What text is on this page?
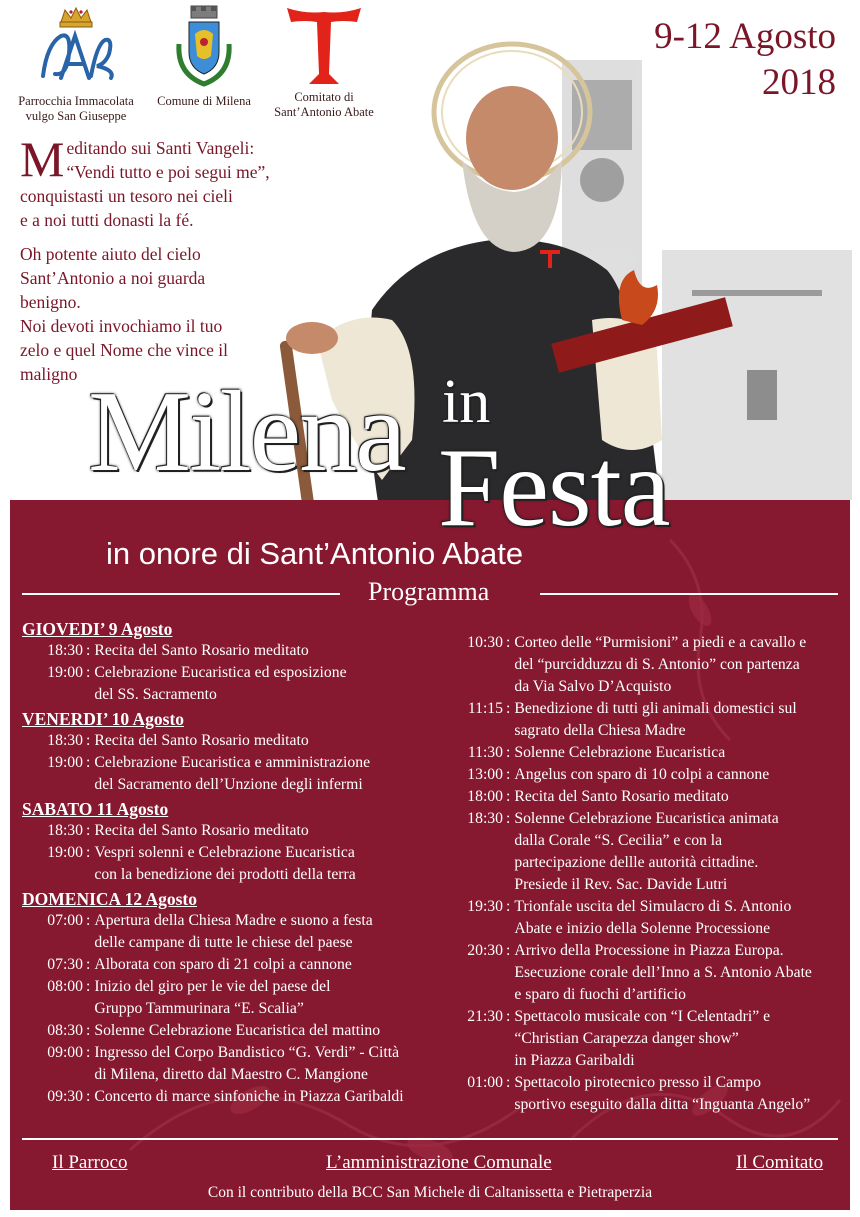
Parrocchia Immacolata
vulgo San Giuseppe
Comune di Milena	Comitato di
Sant’Antonio Abate
9-12 Agosto
2018

Meditando sui Santi Vangeli:
“Vendi tutto e poi segui me”,
conquistasti un tesoro nei cieli
e a noi tutti donasti la fé.

Oh potente aiuto del cielo
Sant’Antonio a noi guarda
benigno.
Noi devoti invochiamo il tuo
zelo e quel Nome che vince il
maligno Milena in
Festa
in onore di Sant’Antonio Abate
Programma
GIOVEDI’ 9 Agosto
18:30 : Recita del Santo Rosario meditato
19:00 : Celebrazione Eucaristica ed esposizione
del SS. Sacramento
VENERDI’ 10 Agosto
18:30 : Recita del Santo Rosario meditato
19:00 : Celebrazione Eucaristica e amministrazione
del Sacramento dell’Unzione degli infermi
SABATO 11 Agosto
18:30 : Recita del Santo Rosario meditato
19:00 : Vespri solenni e Celebrazione Eucaristica
con la benedizione dei prodotti della terra
DOMENICA 12 Agosto
07:00 : Apertura della Chiesa Madre e suono a festa
delle campane di tutte le chiese del paese
07:30 : Alborata con sparo di 21 colpi a cannone
08:00 : Inizio del giro per le vie del paese del
Gruppo Tammurinara “E. Scalia”
08:30 : Solenne Celebrazione Eucaristica del mattino
09:00 : Ingresso del Corpo Bandistico “G. Verdi” - Città
di Milena, diretto dal Maestro C. Mangione
09:30 : Concerto di marce sinfoniche in Piazza Garibaldi
10:30 : Corteo delle “Purmisioni” a piedi e a cavallo e
del “purcidduzzu di S. Antonio” con partenza
da Via Salvo D’Acquisto
11:15 : Benedizione di tutti gli animali domestici sul
sagrato della Chiesa Madre
11:30 : Solenne Celebrazione Eucaristica
13:00 : Angelus con sparo di 10 colpi a cannone
18:00 : Recita del Santo Rosario meditato
18:30 : Solenne Celebrazione Eucaristica animata
dalla Corale “S. Cecilia” e con la
partecipazione dellle autorità cittadine.
Presiede il Rev. Sac. Davide Lutri
19:30 : Trionfale uscita del Simulacro di S. Antonio
Abate e inizio della Solenne Processione
20:30 : Arrivo della Processione in Piazza Europa.
Esecuzione corale dell’Inno a S. Antonio Abate
e sparo di fuochi d’artificio
21:30 : Spettacolo musicale con “I Celentadri” e
“Christian Carapezza danger show”
in Piazza Garibaldi
01:00 : Spettacolo pirotecnico presso il Campo
sportivo eseguito dalla ditta “Inguanta Angelo”
Il Parroco	L’amministrazione Comunale	Il Comitato
Con il contributo della BCC San Michele di Caltanissetta e Pietraperzia
